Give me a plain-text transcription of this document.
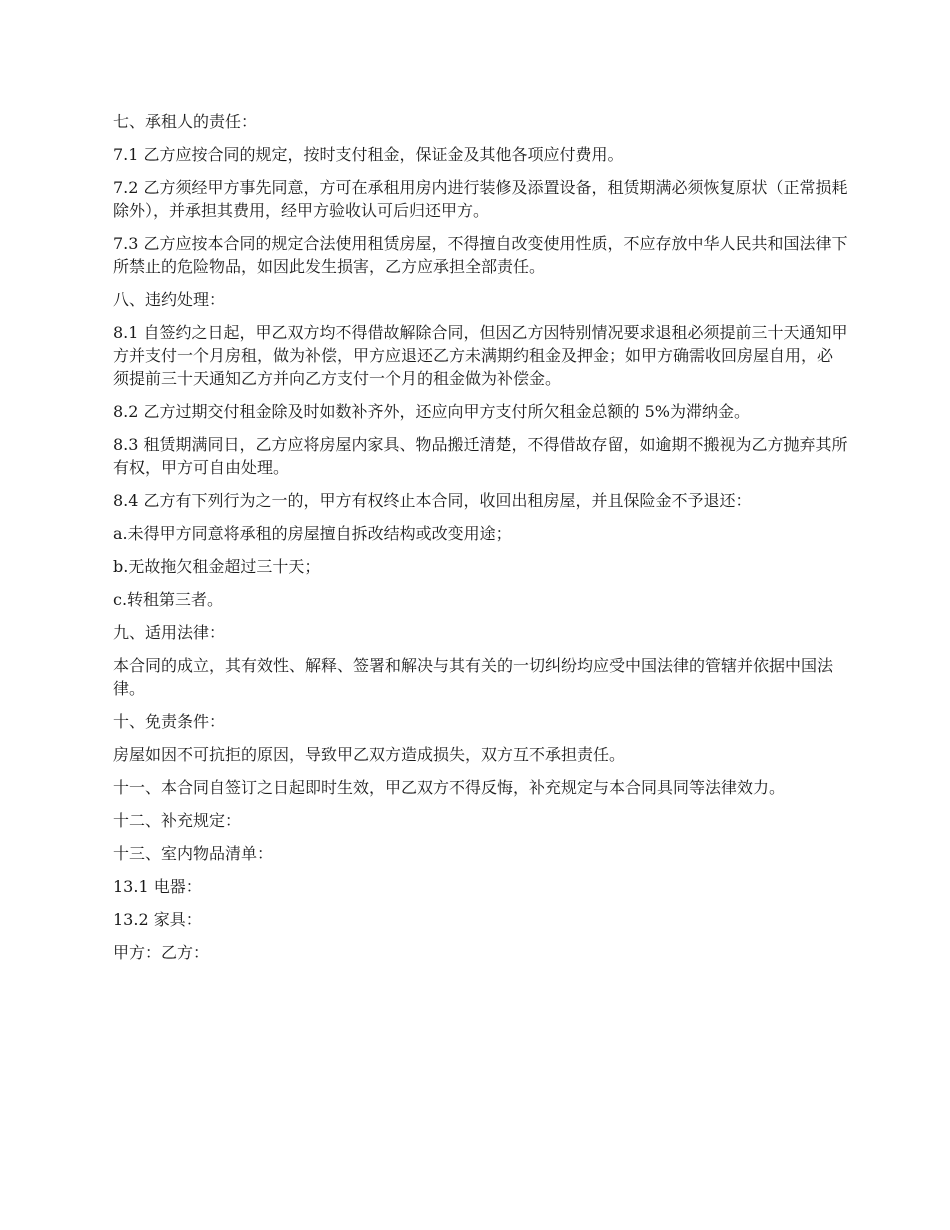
七、承租人的责任：

7.1 乙方应按合同的规定，按时支付租金，保证金及其他各项应付费用。

7.2 乙方须经甲方事先同意，方可在承租用房内进行装修及添置设备，租赁期满必须恢复原状（正常损耗除外），并承担其费用，经甲方验收认可后归还甲方。

7.3 乙方应按本合同的规定合法使用租赁房屋，不得擅自改变使用性质，不应存放中华人民共和国法律下所禁止的危险物品，如因此发生损害，乙方应承担全部责任。

八、违约处理：

8.1 自签约之日起，甲乙双方均不得借故解除合同，但因乙方因特别情况要求退租必须提前三十天通知甲方并支付一个月房租，做为补偿，甲方应退还乙方未满期约租金及押金；如甲方确需收回房屋自用，必须提前三十天通知乙方并向乙方支付一个月的租金做为补偿金。

8.2 乙方过期交付租金除及时如数补齐外，还应向甲方支付所欠租金总额的 5%为滞纳金。

8.3 租赁期满同日，乙方应将房屋内家具、物品搬迁清楚，不得借故存留，如逾期不搬视为乙方抛弃其所有权，甲方可自由处理。

8.4 乙方有下列行为之一的，甲方有权终止本合同，收回出租房屋，并且保险金不予退还：

a.未得甲方同意将承租的房屋擅自拆改结构或改变用途；

b.无故拖欠租金超过三十天；

c.转租第三者。

九、适用法律：

本合同的成立，其有效性、解释、签署和解决与其有关的一切纠纷均应受中国法律的管辖并依据中国法律。

十、免责条件：

房屋如因不可抗拒的原因，导致甲乙双方造成损失，双方互不承担责任。

十一、本合同自签订之日起即时生效，甲乙双方不得反悔，补充规定与本合同具同等法律效力。

十二、补充规定：

十三、室内物品清单：

13.1 电器：

13.2 家具：

甲方：乙方：
